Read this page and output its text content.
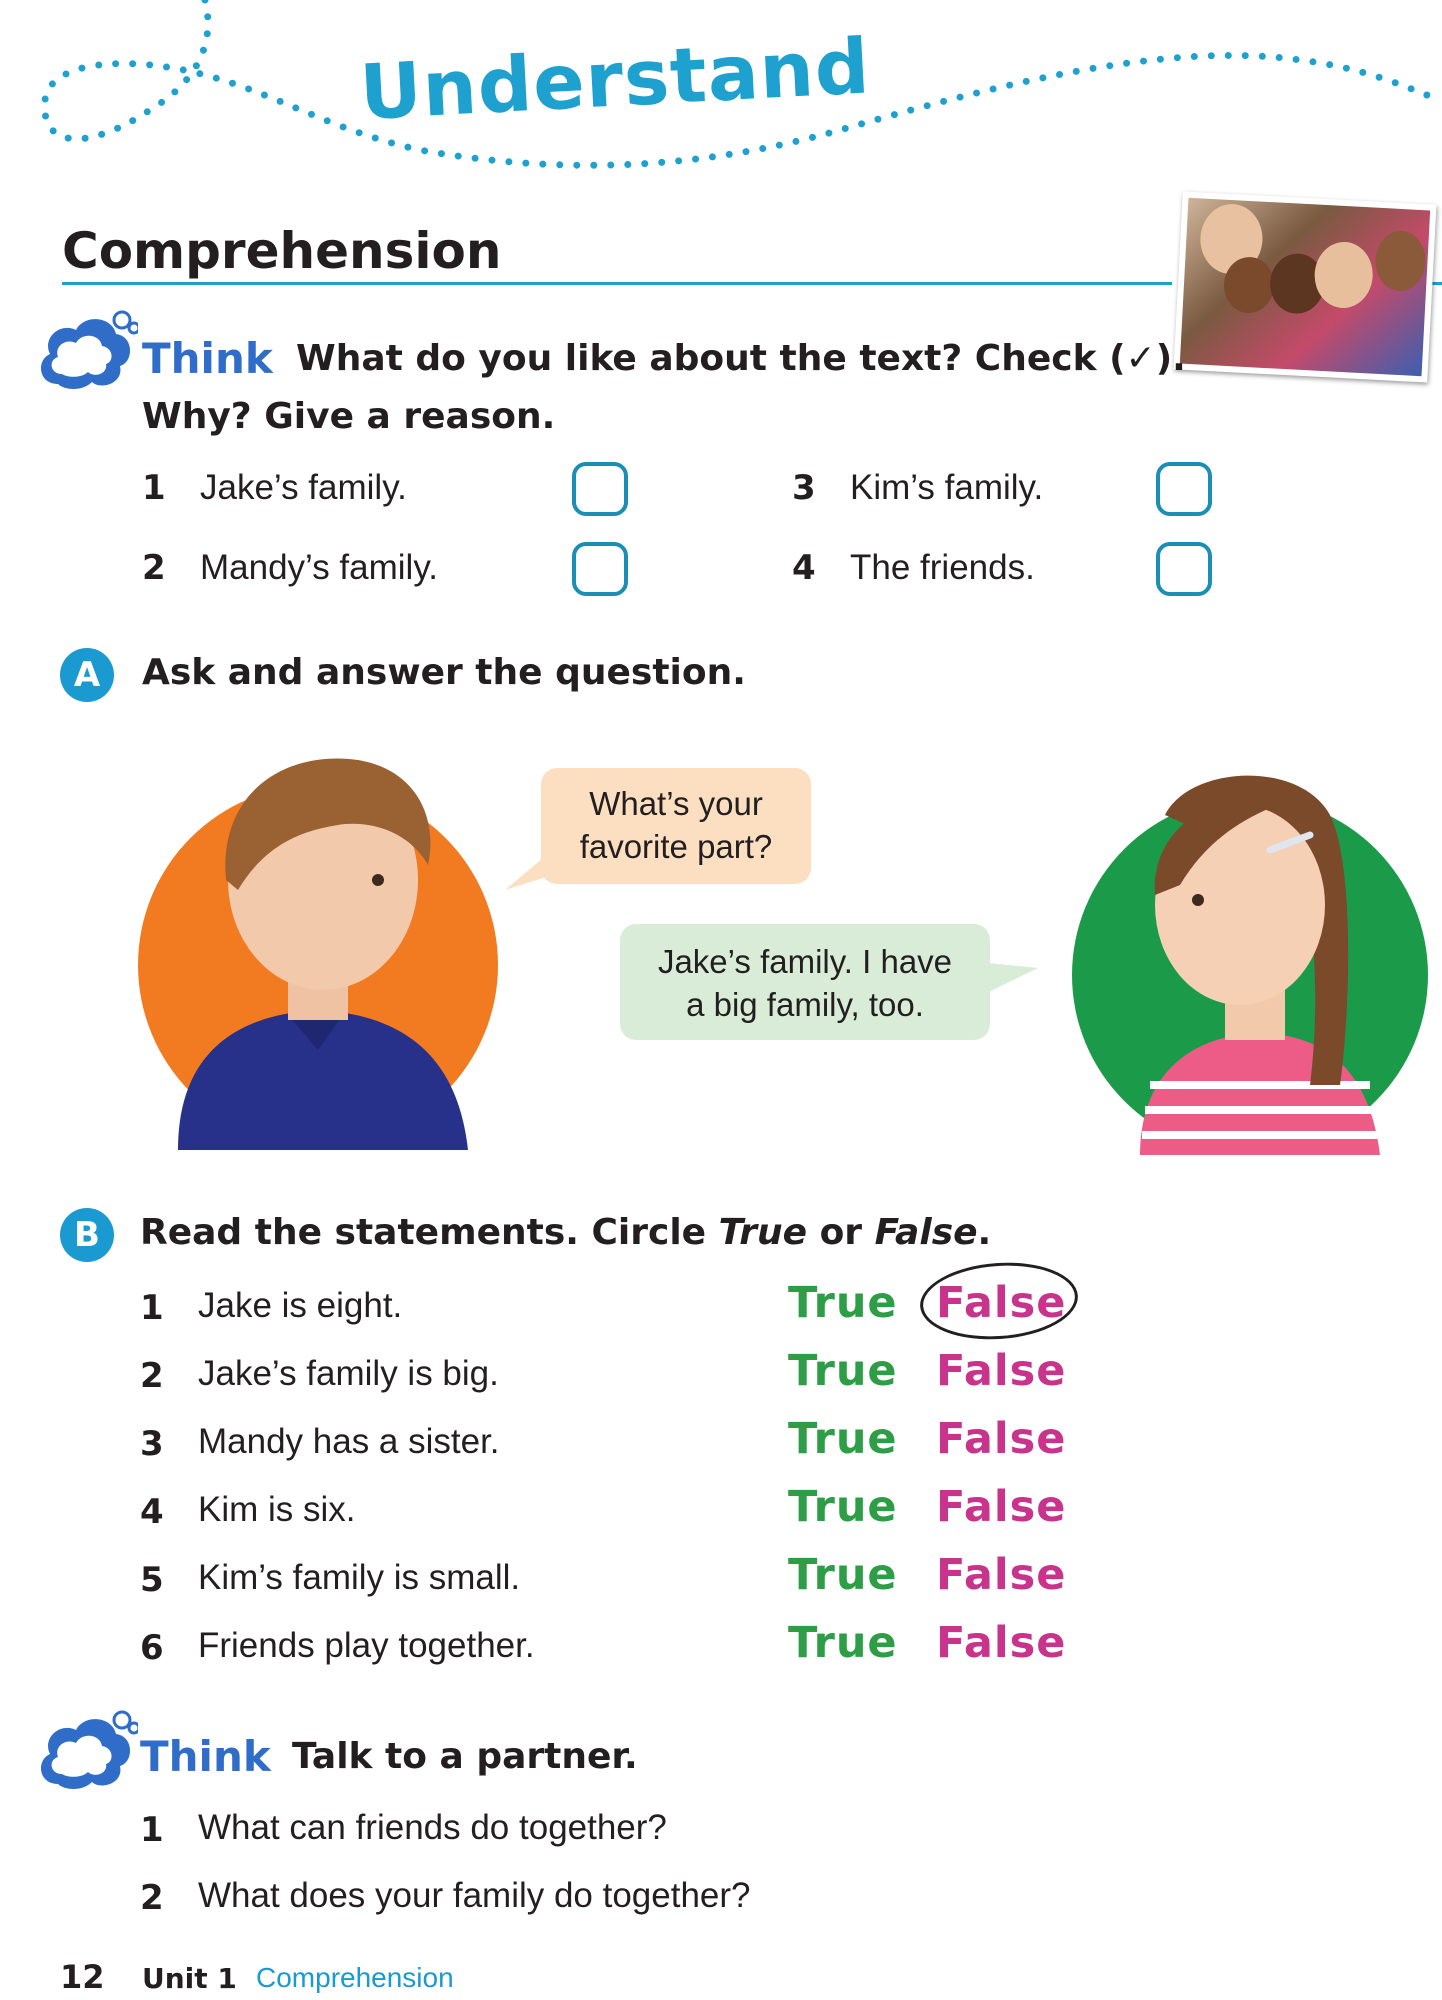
Understand
Comprehension
Think What do you like about the text? Check (✓).
Why? Give a reason.
1 Jake’s family.
2 Mandy’s family.
3 Kim’s family.
4 The friends.
A	Ask and answer the question.
What’s your
favorite part?
Jake’s family. I have
a big family, too.
B	Read the statements. Circle True or False.
1 Jake is eight.	True False
2 Jake’s family is big.	True False
3 Mandy has a sister.	True False
4 Kim is six.	True False
5 Kim’s family is small.	True False
6 Friends play together.	True False
Think Talk to a partner.
1 What can friends do together?
2 What does your family do together?
12 Unit 1 Comprehension
